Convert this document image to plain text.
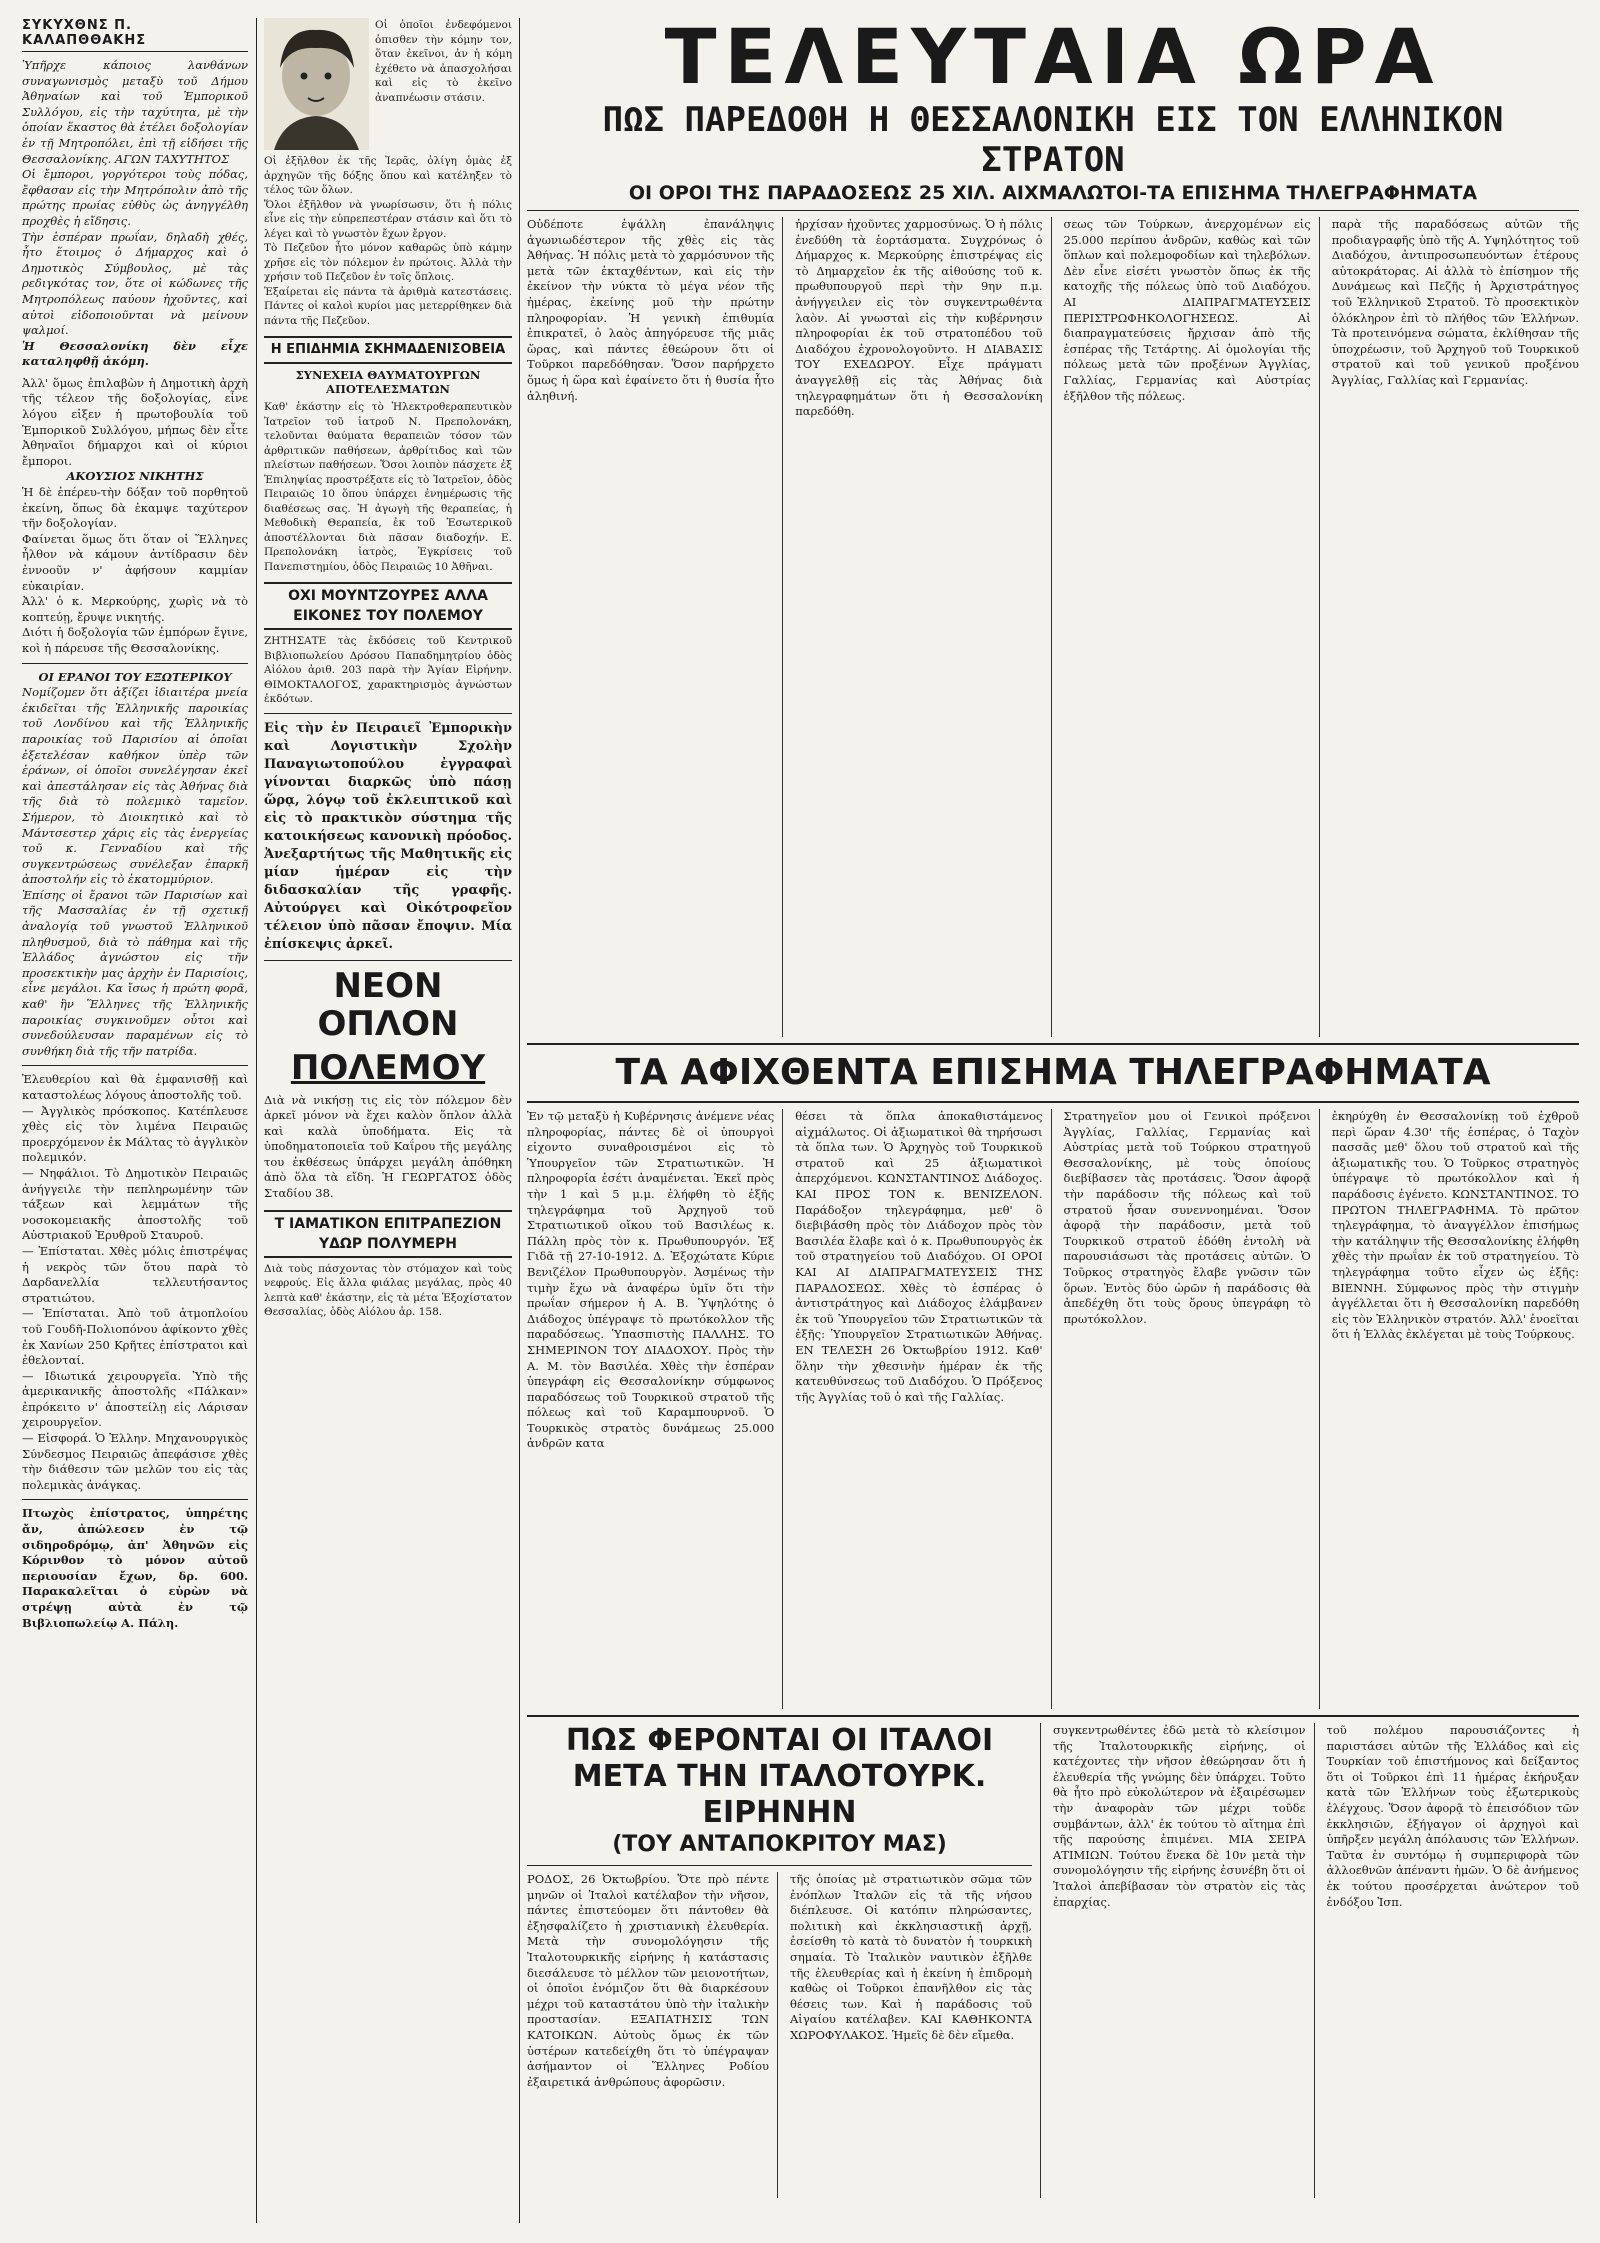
ΣΥΚΥΧΘΝΣ Π. ΚΑΛΑΠΘΘΑΚΗΣ

Ὑπῆρχε κάποιος λανθάνων συναγωνισμὸς μεταξὺ τοῦ Δήμου Ἀθηναίων καὶ τοῦ Ἐμπορικοῦ Συλλόγου, εἰς τὴν ταχύτητα, μὲ τὴν ὁποίαν ἕκαστος θὰ ἐτέλει δοξολογίαν ἐν τῇ Μητροπόλει, ἐπὶ τῇ εἰδήσει τῆς Θεσσαλονίκης. ΑΓΩΝ ΤΑΧΥΤΗΤΟΣ

Οἱ ἔμποροι, γοργότεροι τοὺς πόδας, ἔφθασαν εἰς τὴν Μητρόπολιν ἀπὸ τῆς πρώτης πρωίας εὐθὺς ὡς ἀνηγγέλθη προχθὲς ἡ εἴδησις.

Τὴν ἑσπέραν πρωΐαν, δηλαδὴ χθές, ἦτο ἕτοιμος ὁ Δήμαρχος καὶ ὁ Δημοτικὸς Σύμβουλος, μὲ τὰς ρεδιγκότας τον, ὅτε οἱ κώδωνες τῆς Μητροπόλεως παύουν ἠχοῦντες, καὶ αὐτοὶ εἰδοποιοῦνται νὰ μείνουν ψαλμοί.

Ἡ Θεσσαλονίκη δὲν εἶχε καταληφθῇ ἀκόμη.

Ἀλλ' ὅμως ἐπιλαβὼν ἡ Δημοτικὴ ἀρχὴ τῆς τέλεον τῆς δοξολογίας, εἶνε λόγου εἰξεν ἡ πρωτοβουλία τοῦ Ἐμπορικοῦ Συλλόγου, μήπως δὲν εἶτε Ἀθηναῖοι δήμαρχοι καὶ οἱ κύριοι ἔμποροι.

ΑΚΟΥΣΙΟΣ ΝΙΚΗΤΗΣ

Ἡ δὲ ἐπέρευ-τὴν δόξαν τοῦ πορθητοῦ ἐκείνη, ὅπως δὰ ἐκαμψε ταχύτερον τῆν δοξολογίαν.

Φαίνεται ὅμως ὅτι ὅταν οἱ Ἕλληνες ἦλθον νὰ κάμουν ἀντίδρασιν δὲν ἐννοοῦν ν' ἀφήσουν καμμίαν εὐκαιρίαν.

Ἀλλ' ὁ κ. Μερκούρης, χωρὶς νὰ τὸ κοπτεύῃ, ἔρυψε νικητής.

Διότι ἡ δοξολογία τῶν ἐμπόρων ἔγινε, κοὶ ἡ πάρευσε τῆς Θεσσαλονίκης.

ΟΙ ΕΡΑΝΟΙ ΤΟΥ ΕΞΩΤΕΡΙΚΟΥ

Νομίζομεν ὅτι ἀξίζει ἰδιαιτέρα μνεία ἐκιδεῖται τῆς Ἑλληνικῆς παροικίας τοῦ Λονδίνου καὶ τῆς Ἑλληνικῆς παροικίας τοῦ Παρισίου αἱ ὁποῖαι ἐξετελέσαν καθήκον ὑπὲρ τῶν ἐράνων, οἱ ὁποῖοι συνελέγησαν ἐκεῖ καὶ ἀπεστάλησαν εἰς τὰς Ἀθήνας διὰ τῆς διὰ τὸ πολεμικὸ ταμεῖον. Σήμερον, τὸ Διοικητικὸ καὶ τὸ Μάντσεστερ χάρις εἰς τὰς ἐνεργείας τοῦ κ. Γενναδίου καὶ τῆς συγκεντρώσεως συνέλεξαν ἐπαρκῆ ἀποστολήν εἰς τὸ ἑκατομμύριον.

Ἐπίσης οἱ ἔρανοι τῶν Παρισίων καὶ τῆς Μασσαλίας ἐν τῇ σχετικῇ ἀναλογίᾳ τοῦ γνωστοῦ Ἑλληνικοῦ πληθυσμοῦ, διὰ τὸ πάθημα καὶ τῆς Ἑλλάδος ἀγνώστου εἰς τῆν προσεκτικὴν μας ἀρχὴν ἐν Παρισίοις, εἶνε μεγάλοι. Κα ἴσως ἡ πρώτη φορᾶ, καθ' ἣν Ἕλληνες τῆς Ἑλληνικῆς παροικίας συγκινοῦμεν οὗτοι καὶ συνεδούλευσαν παραμένων εἰς τὸ συνθήκη διὰ τῆς τῆν πατρίδα.

Ἐλευθερίου καὶ θὰ ἐμφανισθῇ καὶ καταστολέως λόγους ἀποστολῆς τοῦ.

— Ἀγγλικὸς πρόσκοπος. Κατέπλευσε χθὲς εἰς τὸν λιμένα Πειραιῶς προερχόμενον ἐκ Μάλτας τὸ ἀγγλικὸν πολεμικόν.

— Νηφάλιοι. Τὸ Δημοτικὸν Πειραιῶς ἀνήγγειλε τὴν πεπληρωμένην τῶν τάξεων καὶ λεμμάτων τῆς νοσοκομειακῆς ἀποστολῆς τοῦ Αὐστριακοῦ Ἐρυθροῦ Σταυροῦ.

— Ἐπίσταται. Χθὲς μόλις ἐπιστρέψας ἡ νεκρὸς τῶν ὅτου παρὰ τὸ Δαρδανελλία τελλευτήσαντος στρατιώτου.

— Ἐπίσταται. Ἀπὸ τοῦ ἀτμοπλοίου τοῦ Γουδῆ-Πολιοπόνου ἀφίκοντο χθὲς ἐκ Χανίων 250 Κρῆτες ἐπίστρατοι καὶ ἐθελονταί.

— Ιδιωτικά χειρουργεῖα. Ὑπὸ τῆς ἀμερικανικῆς ἀποστολῆς «Πάλκαν» ἐπρόκειτο ν' ἀποστείλῃ εἰς Λάρισαν χειρουργεῖον.

— Εἰσφορά. Ὁ Ἑλλην. Μηχανουργικὸς Σύνδεσμος Πειραιῶς ἀπεφάσισε χθὲς τὴν διάθεσιν τῶν μελῶν του εἰς τὰς πολεμικὰς ἀνάγκας.

Πτωχὸς ἐπίστρατος, ὑπηρέτης ἄν, ἀπώλεσεν ἐν τῷ σιδηροδρόμῳ, ἀπ' Ἀθηνῶν εἰς Κόρινθον τὸ μόνον αὐτοῦ περιουσίαν ἔχων, δρ. 600. Παρακαλεῖται ὁ εὑρὼν νὰ στρέψῃ αὐτὰ ἐν τῷ Βιβλιοπωλείῳ Α. Πάλη.

Οἱ ὁποῖοι ἐνδεφόμενοι ὀπισθεν τὴν κόμην τον, ὅταν ἐκεῖνοι, ἀν ἡ κόμη ἐχέθετο νὰ ἀπασχολήσαι καὶ εἰς τὸ ἐκεῖνο ἀναπνέωσιν στάσιν.

Οἱ ἐξῆλθον ἐκ τῆς Ἱερᾶς, ὀλίγη ὁμὰς ἐξ ἀρχηγῶν τῆς δόξης ὅπου καὶ κατέληξεν τὸ τέλος τῶν ὅλων.

Ὅλοι ἐξῆλθον νὰ γνωρίσωσιν, ὅτι ἡ πόλις εἶνε εἰς τὴν εὐπρεπεστέραν στάσιν καὶ ὅτι τὸ λέγει καὶ τὸ γνωστὸν ἔχων ἔργον.

Τὸ Πεζεῦον ἦτο μόνον καθαρῶς ὑπὸ κάμην χρῆσε εἰς τὸν πόλεμον ἐν πρώτοις. Ἀλλὰ τὴν χρήσιν τοῦ Πεζεῦον ἐν τοῖς ὅπλοις.

Ἐξαίρεται εἰς πάντα τὰ ἀριθμὰ κατεστάσεις. Πάντες οἱ καλοὶ κυρίοι μας μετερρίθηκεν διὰ πάντα τῆς Πεζεῦον.

Η ΕΠΙΔΗΜΙΑ ΣΚΗΜΑΔΕΝΙΣΟΒΕΙΑ

ΣΥΝΕΧΕΙΑ ΘΑΥΜΑΤΟΥΡΓΩΝ ΑΠΟΤΕΛΕΣΜΑΤΩΝ

Καθ' ἑκάστην εἰς τὸ Ἠλεκτροθεραπευτικὸν Ἰατρεῖον τοῦ ἰατροῦ Ν. Πρεπολονάκη, τελοῦνται θαύματα θεραπειῶν τόσον τῶν ἀρθριτικῶν παθήσεων, ἀρθρίτιδος καὶ τῶν πλείστων παθήσεων. Ὅσοι λοιπὸν πάσχετε ἐξ Ἐπιληψίας προστρέξατε εἰς τὸ Ἰατρεῖον, ὁδὸς Πειραιῶς 10 ὅπου ὑπάρχει ἐνημέρωσις τῆς διαθέσεως σας. Ἡ ἀγωγὴ τῆς θεραπείας, ἡ Μεθοδικὴ Θεραπεία, ἐκ τοῦ Ἐσωτερικοῦ ἀποστέλλονται διὰ πᾶσαν διαδοχήν. Ε. Πρεπολονάκη ἰατρὸς, Ἐγκρίσεις τοῦ Πανεπιστημίου, ὁδὸς Πειραιῶς 10 Ἀθῆναι.

ΟΧΙ ΜΟΥΝΤΖΟΥΡΕΣ ΑΛΛΑ ΕΙΚΟΝΕΣ ΤΟΥ ΠΟΛΕΜΟΥ

ΖΗΤΗΣΑΤΕ τὰς ἐκδόσεις τοῦ Κεντρικοῦ Βιβλιοπωλείου Δρόσου Παπαδημητρίου ὁδὸς Αἰόλου ἀριθ. 203 παρὰ τὴν Ἁγίαν Εἰρήνην. ΘΙΜΟΚΤΑΛΟΓΟΣ, χαρακτηρισμὸς ἀγνώστων ἐκδότων.

Εἰς τὴν ἐν Πειραιεῖ Ἐμπορικὴν καὶ Λογιστικὴν Σχολὴν Παναγιωτοπούλου ἐγγραφαὶ γίνονται διαρκῶς ὑπὸ πάσῃ ὥρᾳ, λόγῳ τοῦ ἐκλειπτικοῦ καὶ εἰς τὸ πρακτικὸν σύστημα τῆς κατοικήσεως κανονικὴ πρόοδος. Ἀνεξαρτήτως τῆς Μαθητικῆς εἰς μίαν ἡμέραν εἰς τὴν διδασκαλίαν τῆς γραφῆς. Αὐτούργει καὶ Οἰκότροφεῖον τέλειον ὑπὸ πᾶσαν ἔποψιν. Μία ἐπίσκεψις ἀρκεῖ.

ΝΕΟΝ ΟΠΛΟΝ

ΠΟΛΕΜΟΥ

Διὰ νὰ νικήσῃ τις εἰς τὸν πόλεμον δὲν ἀρκεῖ μόνον νὰ ἔχει καλὸν ὅπλον ἀλλὰ καὶ καλὰ ὑποδήματα. Εἰς τὰ ὑποδηματοποιεῖα τοῦ Καΐρου τῆς μεγάλης του ἐκθέσεως ὑπάρχει μεγάλη ἀπόθηκη ἀπὸ ὅλα τὰ εἴδη. Ἡ ΓΕΩΡΓΑΤΟΣ ὁδὸς Σταδίου 38.

Τ ΙΑΜΑΤΙΚΟΝ ΕΠΙΤΡΑΠΕΖΙΟΝ ΥΔΩΡ ΠΟΛΥΜΕΡΗ

Διὰ τοὺς πάσχοντας τὸν στόμαχον καὶ τοὺς νεφρούς. Εἰς ἄλλα φιάλας μεγάλας, πρὸς 40 λεπτὰ καθ' ἑκάστην, εἰς τὰ μέτα Ἐξοχίστατον Θεσσαλίας, ὁδὸς Αἰόλου ἀρ. 158.

ΤΕΛΕΥΤΑΙΑ ΩΡΑ
ΠΩΣ ΠΑΡΕΔΟΘΗ Η ΘΕΣΣΑΛΟΝΙΚΗ ΕΙΣ ΤΟΝ ΕΛΛΗΝΙΚΟΝ ΣΤΡΑΤΟΝ
ΟΙ ΟΡΟΙ ΤΗΣ ΠΑΡΑΔΟΣΕΩΣ 25 ΧΙΛ. ΑΙΧΜΑΛΩΤΟΙ-ΤΑ ΕΠΙΣΗΜΑ ΤΗΛΕΓΡΑΦΗΜΑΤΑ

Οὐδέποτε ἐψάλλη ἐπανάληψις ἀγωνιωδέστερον τῆς χθὲς εἰς τὰς Ἀθήνας. Ἡ πόλις μετὰ τὸ χαρμόσυνον τῆς μετὰ τῶν ἐκταχθέντων, καὶ εἰς τὴν ἐκείνον τὴν νύκτα τὸ μέγα νέον τῆς ἡμέρας, ἐκείνης μοῦ τὴν πρώτην πληροφορίαν. Ἡ γενικὴ ἐπιθυμία ἐπικρατεῖ, ὁ λαὸς ἀπηγόρευσε τῆς μιᾶς ὥρας, καὶ πάντες ἐθεώρουν ὅτι οἱ Τοῦρκοι παρεδόθησαν. Ὅσον παρήρχετο ὅμως ἡ ὥρα καὶ ἐφαίνετο ὅτι ἡ θυσία ἦτο ἀληθινή.

ἠρχίσαν ἠχοῦντες χαρμοσύνως. Ὁ ἡ πόλις ἐνεδύθη τὰ ἑορτάσματα. Συγχρόνως ὁ Δήμαρχος κ. Μερκούρης ἐπιστρέψας εἰς τὸ Δημαρχεῖον ἐκ τῆς αἰθούσης τοῦ κ. πρωθυπουργοῦ περὶ τὴν 9ην π.μ. ἀνήγγειλεν εἰς τὸν συγκεντρωθέντα λαὸν. Αἱ γνωσταὶ εἰς τὴν κυβέρνησιν πληροφορίαι ἐκ τοῦ στρατοπέδου τοῦ Διαδόχου ἐχρονολογοῦντο. Η ΔΙΑΒΑΣΙΣ ΤΟΥ ΕΧΕΔΩΡΟΥ. Εἶχε πράγματι ἀναγγελθῇ εἰς τὰς Ἀθήνας διὰ τηλεγραφημάτων ὅτι ἡ Θεσσαλονίκη παρεδόθη.

σεως τῶν Τούρκων, ἀνερχομένων εἰς 25.000 περίπου ἀνδρῶν, καθὼς καὶ τῶν ὅπλων καὶ πολεμοφοδίων καὶ τηλεβόλων. Δὲν εἶνε εἰσέτι γνωστὸν ὅπως ἐκ τῆς κατοχῆς τῆς πόλεως ὑπὸ τοῦ Διαδόχου. ΑΙ ΔΙΑΠΡΑΓΜΑΤΕΥΣΕΙΣ ΠΕΡΙΣΤΡΩΦΗΚΟΛΟΓΗΣΕΩΣ. Αἱ διαπραγματεύσεις ἤρχισαν ἀπὸ τῆς ἑσπέρας τῆς Τετάρτης. Αἱ ὁμολογίαι τῆς πόλεως μετὰ τῶν προξένων Ἀγγλίας, Γαλλίας, Γερμανίας καὶ Αὐστρίας ἐξῆλθον τῆς πόλεως.

παρὰ τῆς παραδόσεως αὐτῶν τῆς προδιαγραφῆς ὑπὸ τῆς Α. Υψηλότητος τοῦ Διαδόχου, ἀντιπροσωπευόντων ἑτέρους αὐτοκράτορας. Αἱ ἀλλὰ τὸ ἑπίσημον τῆς Δυνάμεως καὶ Πεζῆς ἡ Ἀρχιστράτηγος τοῦ Ἑλληνικοῦ Στρατοῦ. Τὸ προσεκτικὸν ὁλόκληρον ἐπὶ τὸ πλήθος τῶν Ἑλλήνων. Τὰ προτεινόμενα σώματα, ἐκλίθησαν τῆς ὑποχρέωσιν, τοῦ Ἀρχηγοῦ τοῦ Τουρκικοῦ στρατοῦ καὶ τοῦ γενικοῦ προξένου Ἀγγλίας, Γαλλίας καὶ Γερμανίας.

ΤΑ ΑΦΙΧΘΕΝΤΑ ΕΠΙΣΗΜΑ ΤΗΛΕΓΡΑΦΗΜΑΤΑ

Ἐν τῷ μεταξὺ ἡ Κυβέρνησις ἀνέμενε νέας πληροφορίας, πάντες δὲ οἱ ὑπουργοὶ εἰχοντο συναθροισμένοι εἰς τὸ Ὑπουργεῖον τῶν Στρατιωτικῶν. Ἡ πληροφορία ἐσέτι ἀναμένεται. Ἐκεῖ πρὸς τὴν 1 καὶ 5 μ.μ. ἐλήφθη τὸ ἐξῆς τηλεγράφημα τοῦ Ἀρχηγοῦ τοῦ Στρατιωτικοῦ οἴκου τοῦ Βασιλέως κ. Πάλλη πρὸς τὸν κ. Πρωθυπουργόν. Ἐξ Γιδᾶ τῇ 27-10-1912. Δ. Ἐξοχώτατε Κύριε Βενιζέλον Πρωθυπουργὸν. Ἀσμένως τὴν τιμὴν ἔχω νὰ ἀναφέρω ὑμῖν ὅτι τὴν πρωΐαν σήμερον ἡ Α. Β. Ὑψηλότης ὁ Διάδοχος ὑπέγραψε τὸ πρωτόκολλον τῆς παραδόσεως. Ὑπασπιστὴς ΠΑΛΛΗΣ. ΤΟ ΣΗΜΕΡΙΝΟΝ ΤΟΥ ΔΙΑΔΟΧΟΥ. Πρὸς τὴν Α. Μ. τὸν Βασιλέα. Χθὲς τὴν ἑσπέραν ὑπεγράφη εἰς Θεσσαλονίκην σύμφωνος παραδόσεως τοῦ Τουρκικοῦ στρατοῦ τῆς πόλεως καὶ τοῦ Καραμπουρνοῦ. Ὁ Τουρκικὸς στρατὸς δυνάμεως 25.000 ἀνδρῶν κατα

θέσει τὰ ὅπλα ἀποκαθιστάμενος αἰχμάλωτος. Οἱ ἀξιωματικοὶ θὰ τηρήσωσι τὰ ὅπλα των. Ὁ Ἀρχηγὸς τοῦ Τουρκικοῦ στρατοῦ καὶ 25 ἀξιωματικοὶ ἀπερχόμενοι. ΚΩΝΣΤΑΝΤΙΝΟΣ Διάδοχος. ΚΑΙ ΠΡΟΣ ΤΟΝ κ. ΒΕΝΙΖΕΛΟΝ. Παράδοξον τηλεγράφημα, μεθ' ὃ διεβιβάσθη πρὸς τὸν Διάδοχον πρὸς τὸν Βασιλέα ἔλαβε καὶ ὁ κ. Πρωθυπουργὸς ἐκ τοῦ στρατηγείου τοῦ Διαδόχου. ΟΙ ΟΡΟΙ ΚΑΙ ΑΙ ΔΙΑΠΡΑΓΜΑΤΕΥΣΕΙΣ ΤΗΣ ΠΑΡΑΔΟΣΕΩΣ. Χθὲς τὸ ἑσπέρας ὁ ἀντιστράτηγος καὶ Διάδοχος ἐλάμβανεν ἐκ τοῦ Ὑπουργεῖου τῶν Στρατιωτικῶν τὰ ἑξῆς: Ὑπουργεῖον Στρατιωτικῶν Ἀθήνας. ΕΝ ΤΕΛΕΣΗ 26 Ὀκτωβρίου 1912. Καθ' ὅλην τὴν χθεσινὴν ἡμέραν ἐκ τῆς κατευθύνσεως τοῦ Διαδόχου. Ὁ Πρόξενος τῆς Ἀγγλίας τοῦ ὁ καὶ τῆς Γαλλίας.

Στρατηγεῖον μου οἱ Γενικοὶ πρόξενοι Ἀγγλίας, Γαλλίας, Γερμανίας καὶ Αὐστρίας μετὰ τοῦ Τούρκου στρατηγοῦ Θεσσαλονίκης, μὲ τοὺς ὁποίους διεβίβασεν τὰς προτάσεις. Ὅσον ἀφορᾷ τὴν παράδοσιν τῆς πόλεως καὶ τοῦ στρατοῦ ἦσαν συνεννοημέναι. Ὅσον ἀφορᾷ τὴν παράδοσιν, μετὰ τοῦ Τουρκικοῦ στρατοῦ ἐδόθη ἐντολὴ νὰ παρουσιάσωσι τὰς προτάσεις αὐτῶν. Ὁ Τοῦρκος στρατηγὸς ἔλαβε γνῶσιν τῶν ὅρων. Ἐντὸς δύο ὡρῶν ἡ παράδοσις θὰ ἀπεδέχθη ὅτι τοὺς ὅρους ὑπεγράφη τὸ πρωτόκολλον.

ἐκηρύχθη ἐν Θεσσαλονίκῃ τοῦ ἐχθροῦ περὶ ὥραν 4.30' τῆς ἑσπέρας, ὁ Ταχὸν πασσᾶς μεθ' ὅλου τοῦ στρατοῦ καὶ τῆς ἀξιωματικῆς του. Ὁ Τοῦρκος στρατηγὸς ὑπέγραψε τὸ πρωτόκολλον καὶ ἡ παράδοσις ἐγένετο. ΚΩΝΣΤΑΝΤΙΝΟΣ. ΤΟ ΠΡΩΤΟΝ ΤΗΛΕΓΡΑΦΗΜΑ. Τὸ πρῶτον τηλεγράφημα, τὸ ἀναγγέλλον ἐπισήμως τὴν κατάληψιν τῆς Θεσσαλονίκης ἐλήφθη χθὲς τὴν πρωΐαν ἐκ τοῦ στρατηγείου. Τὸ τηλεγράφημα τοῦτο εἶχεν ὡς ἑξῆς: ΒΙΕΝΝΗ. Σύμφωνος πρὸς τὴν στιγμὴν ἀγγέλλεται ὅτι ἡ Θεσσαλονίκη παρεδόθη εἰς τὸν Ἑλληνικὸν στρατόν. Ἀλλ' ἐνοεῖται ὅτι ἡ Ἑλλὰς ἐκλέγεται μὲ τοὺς Τούρκους.

ΠΩΣ ΦΕΡΟΝΤΑΙ ΟΙ ΙΤΑΛΟΙ
ΜΕΤΑ ΤΗΝ ΙΤΑΛΟΤΟΥΡΚ. ΕΙΡΗΝΗΝ
(ΤΟΥ ΑΝΤΑΠΟΚΡΙΤΟΥ ΜΑΣ)

ΡΟΔΟΣ, 26 Ὀκτωβρίου. Ὅτε πρὸ πέντε μηνῶν οἱ Ἰταλοὶ κατέλαβον τὴν νῆσον, πάντες ἐπιστεύομεν ὅτι πάντοθεν θὰ ἐξησφαλίζετο ἡ χριστιανικὴ ἐλευθερία. Μετὰ τὴν συνομολόγησιν τῆς Ἰταλοτουρκικῆς εἰρήνης ἡ κατάστασις διεσάλευσε τὸ μέλλον τῶν μειονοτήτων, οἱ ὁποῖοι ἐνόμιζον ὅτι θὰ διαρκέσουν μέχρι τοῦ καταστάτου ὑπὸ τὴν ἰταλικὴν προστασίαν. ΕΞΑΠΑΤΗΣΙΣ ΤΩΝ ΚΑΤΟΙΚΩΝ. Αὐτοὺς ὅμως ἐκ τῶν ὑστέρων κατεδείχθη ὅτι τὸ ὑπέγραψαν ἀσήμαντον οἱ Ἕλληνες Ροδίου ἐξαιρετικά ἀνθρώπους ἀφορῶσιν.

τῆς ὁποίας μὲ στρατιωτικὸν σῶμα τῶν ἐνόπλων Ἰταλῶν εἰς τὰ τῆς νήσου διέπλευσε. Οἱ κατόπιν πληρώσαντες, πολιτικὴ καὶ ἐκκλησιαστικῇ ἀρχῇ, ἐσείσθη τὸ κατὰ τὸ δυνατὸν ἡ τουρκικὴ σημαία. Τὸ Ἰταλικὸν ναυτικὸν ἐξῆλθε τῆς ἐλευθερίας καὶ ἡ ἐκείνη ἡ ἐπιδρομὴ καθὼς οἱ Τοῦρκοι ἐπανῆλθον εἰς τὰς θέσεις των. Καὶ ἡ παράδοσις τοῦ Αἰγαίου κατέλαβεν. ΚΑΙ ΚΑΘΗΚΟΝΤΑ ΧΩΡΟΦΥΛΑΚΟΣ. Ἡμεῖς δὲ δὲν εἴμεθα.

συγκεντρωθέντες ἐδῶ μετὰ τὸ κλείσιμον τῆς Ἰταλοτουρκικῆς εἰρήνης, οἱ κατέχοντες τὴν νῆσον ἐθεώρησαν ὅτι ἡ ἐλευθερία τῆς γνώμης δὲν ὑπάρχει. Τοῦτο θὰ ἦτο πρὸ εὐκολώτερον νὰ ἐξαιρέσωμεν τὴν ἀναφορὰν τῶν μέχρι τοῦδε συμβάντων, ἀλλ' ἐκ τούτου τὸ αἴτημα ἐπὶ τῆς παρούσης ἐπιμένει. ΜΙΑ ΣΕΙΡΑ ΑΤΙΜΙΩΝ. Τούτου ἕνεκα δὲ 10ν μετὰ τὴν συνομολόγησιν τῆς εἰρήνης ἐσυνέβη ὅτι οἱ Ἰταλοὶ ἀπεβίβασαν τὸν στρατὸν εἰς τὰς ἐπαρχίας.

τοῦ πολέμου παρουσιάζοντες ἡ παριστάσει αὐτῶν τῆς Ἑλλάδος καὶ εἰς Τουρκίαν τοῦ ἐπιστήμονος καὶ δείξαντος ὅτι οἱ Τοῦρκοι ἐπὶ 11 ἡμέρας ἐκήρυξαν κατὰ τῶν Ἑλλήνων τοὺς ἐξωτερικοὺς ἐλέγχους. Ὅσον ἀφορᾷ τὸ ἐπεισόδιον τῶν ἐκκλησιῶν, ἐξήγαγον οἱ ἀρχηγοὶ καὶ ὑπῆρξεν μεγάλη ἀπόλαυσις τῶν Ἑλλήνων. Ταῦτα ἐν συντόμῳ ἡ συμπεριφορὰ τῶν ἀλλοεθνῶν ἀπέναντι ἡμῶν. Ὁ δὲ ἀνήμενος ἐκ τούτου προσέρχεται ἀνώτερον τοῦ ἐνδόξου Ἰσπ.
